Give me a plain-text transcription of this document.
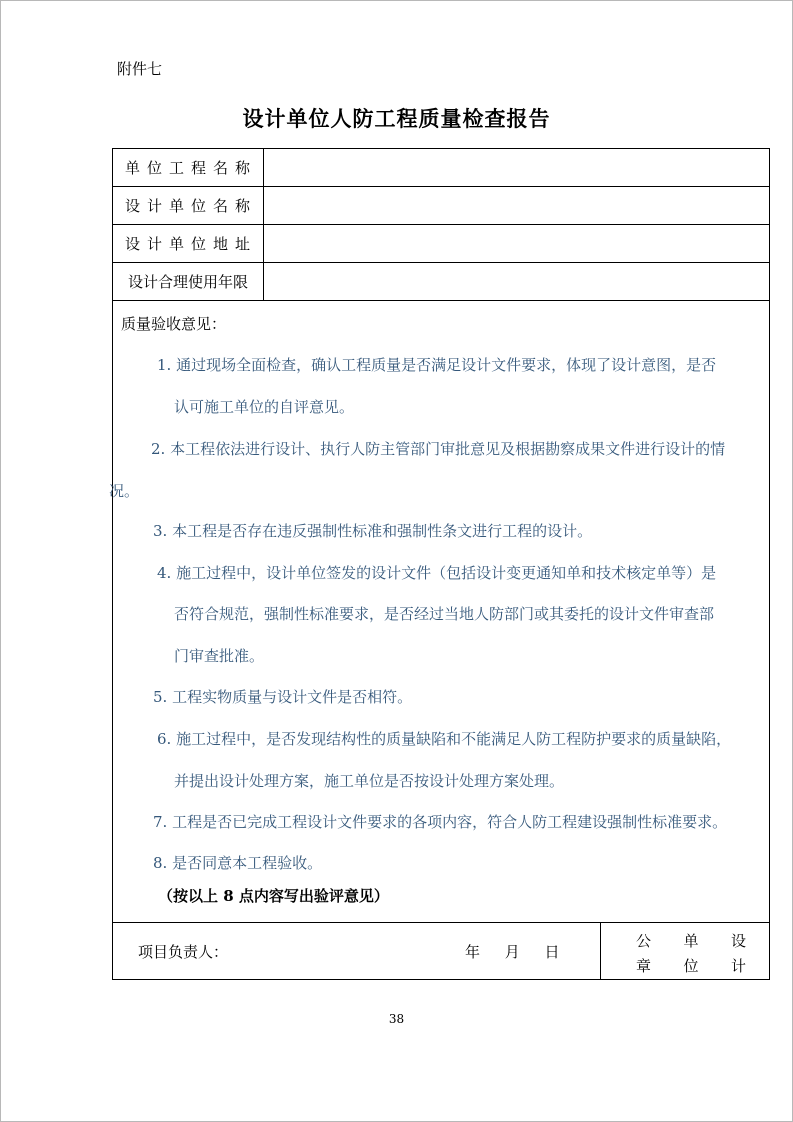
附件七
设计单位人防工程质量检查报告
单位工程名称
设计单位名称
设计单位地址
设计合理使用年限
质量验收意见：
1. 通过现场全面检查，确认工程质量是否满足设计文件要求，体现了设计意图，是否
认可施工单位的自评意见。
2. 本工程依法进行设计、执行人防主管部门审批意见及根据勘察成果文件进行设计的情
况。
3. 本工程是否存在违反强制性标准和强制性条文进行工程的设计。
4. 施工过程中，设计单位签发的设计文件（包括设计变更通知单和技术核定单等）是
否符合规范，强制性标准要求，是否经过当地人防部门或其委托的设计文件审查部
门审查批准。
5. 工程实物质量与设计文件是否相符。
6. 施工过程中，是否发现结构性的质量缺陷和不能满足人防工程防护要求的质量缺陷，
并提出设计处理方案，施工单位是否按设计处理方案处理。
7. 工程是否已完成工程设计文件要求的各项内容，符合人防工程建设强制性标准要求。
8. 是否同意本工程验收。
（按以上 8 点内容写出验评意见）
项目负责人：	年 月 日
公 单 设
章 位 计
38
